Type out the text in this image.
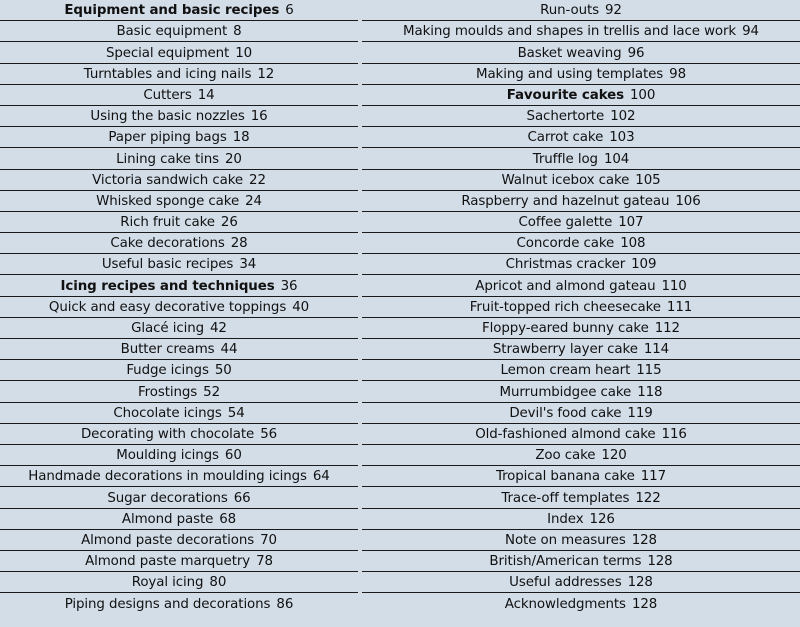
Equipment and basic recipes 6
Basic equipment 8
Special equipment 10
Turntables and icing nails 12
Cutters 14
Using the basic nozzles 16
Paper piping bags 18
Lining cake tins 20
Victoria sandwich cake 22
Whisked sponge cake 24
Rich fruit cake 26
Cake decorations 28
Useful basic recipes 34
Icing recipes and techniques 36
Quick and easy decorative toppings 40
Glacé icing 42
Butter creams 44
Fudge icings 50
Frostings 52
Chocolate icings 54
Decorating with chocolate 56
Moulding icings 60
Handmade decorations in moulding icings 64
Sugar decorations 66
Almond paste 68
Almond paste decorations 70
Almond paste marquetry 78
Royal icing 80
Piping designs and decorations 86
Run-outs 92
Making moulds and shapes in trellis and lace work 94
Basket weaving 96
Making and using templates 98
Favourite cakes 100
Sachertorte 102
Carrot cake 103
Truffle log 104
Walnut icebox cake 105
Raspberry and hazelnut gateau 106
Coffee galette 107
Concorde cake 108
Christmas cracker 109
Apricot and almond gateau 110
Fruit-topped rich cheesecake 111
Floppy-eared bunny cake 112
Strawberry layer cake 114
Lemon cream heart 115
Murrumbidgee cake 118
Devil's food cake 119
Old-fashioned almond cake 116
Zoo cake 120
Tropical banana cake 117
Trace-off templates 122
Index 126
Note on measures 128
British/American terms 128
Useful addresses 128
Acknowledgments 128
